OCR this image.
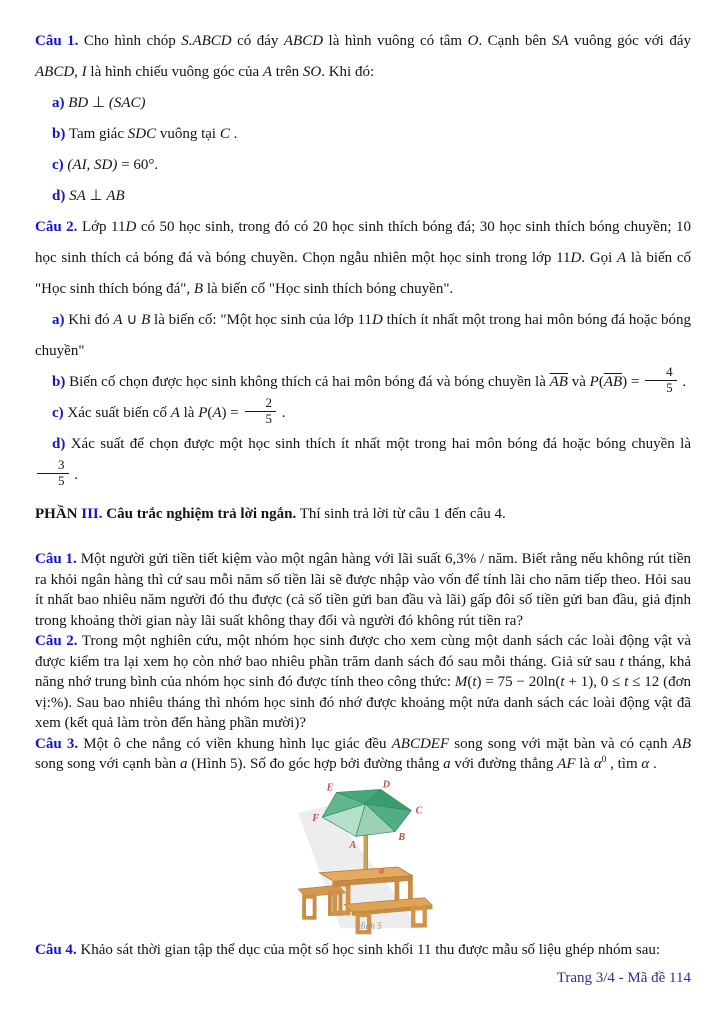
Câu 1. Cho hình chóp S.ABCD có đáy ABCD là hình vuông có tâm O. Cạnh bên SA vuông góc với đáy ABCD, I là hình chiếu vuông góc của A trên SO. Khi đó:

a) BD ⊥ (SAC)

b) Tam giác SDC vuông tại C .

c) (AI, SD) = 60°.

d) SA ⊥ AB

Câu 2. Lớp 11D có 50 học sinh, trong đó có 20 học sinh thích bóng đá; 30 học sinh thích bóng chuyền; 10 học sinh thích cả bóng đá và bóng chuyền. Chọn ngẫu nhiên một học sinh trong lớp 11D. Gọi A là biến cố "Học sinh thích bóng đá", B là biến cố "Học sinh thích bóng chuyền".

a) Khi đó A ∪ B là biến cố: "Một học sinh của lớp 11D thích ít nhất một trong hai môn bóng đá hoặc bóng chuyền"

b) Biến cố chọn được học sinh không thích cả hai môn bóng đá và bóng chuyền là $\overline{AB}$ và $P(\overline{AB}) = \frac{4}{5}$ .

c) Xác suất biến cố A là $P(A) = \frac{2}{5}$ .

d) Xác suất để chọn được một học sinh thích ít nhất một trong hai môn bóng đá hoặc bóng chuyền là
$\frac{3}{5}$ .

PHẦN III. Câu trắc nghiệm trả lời ngắn. Thí sinh trả lời từ câu 1 đến câu 4.

Câu 1. Một người gửi tiền tiết kiệm vào một ngân hàng với lãi suất 6,3% / năm. Biết rằng nếu không rút tiền ra khỏi ngân hàng thì cứ sau mỗi năm số tiền lãi sẽ được nhập vào vốn để tính lãi cho năm tiếp theo. Hỏi sau ít nhất bao nhiêu năm người đó thu được (cả số tiền gửi ban đầu và lãi) gấp đôi số tiền gửi ban đầu, giả định trong khoảng thời gian này lãi suất không thay đổi và người đó không rút tiền ra?

Câu 2. Trong một nghiên cứu, một nhóm học sinh được cho xem cùng một danh sách các loài động vật và được kiểm tra lại xem họ còn nhớ bao nhiêu phần trăm danh sách đó sau mỗi tháng. Giả sử sau t tháng, khả năng nhớ trung bình của nhóm học sinh đó được tính theo công thức: M(t) = 75 − 20ln(t + 1), 0 ≤ t ≤ 12 (đơn vị:%). Sau bao nhiêu tháng thì nhóm học sinh đó nhớ được khoảng một nửa danh sách các loài động vật đã xem (kết quả làm tròn đến hàng phần mười)?

Câu 3. Một ô che nắng có viền khung hình lục giác đều ABCDEF song song với mặt bàn và có cạnh AB song song với cạnh bàn a (Hình 5). Số đo góc hợp bởi đường thẳng a với đường thẳng AF là $\alpha^0$ , tìm α .

A
B
C
D
E
F
a
Hình 5

Câu 4. Khảo sát thời gian tập thể dục của một số học sinh khối 11 thu được mẫu số liệu ghép nhóm sau:

Trang 3/4 - Mã đề 114
